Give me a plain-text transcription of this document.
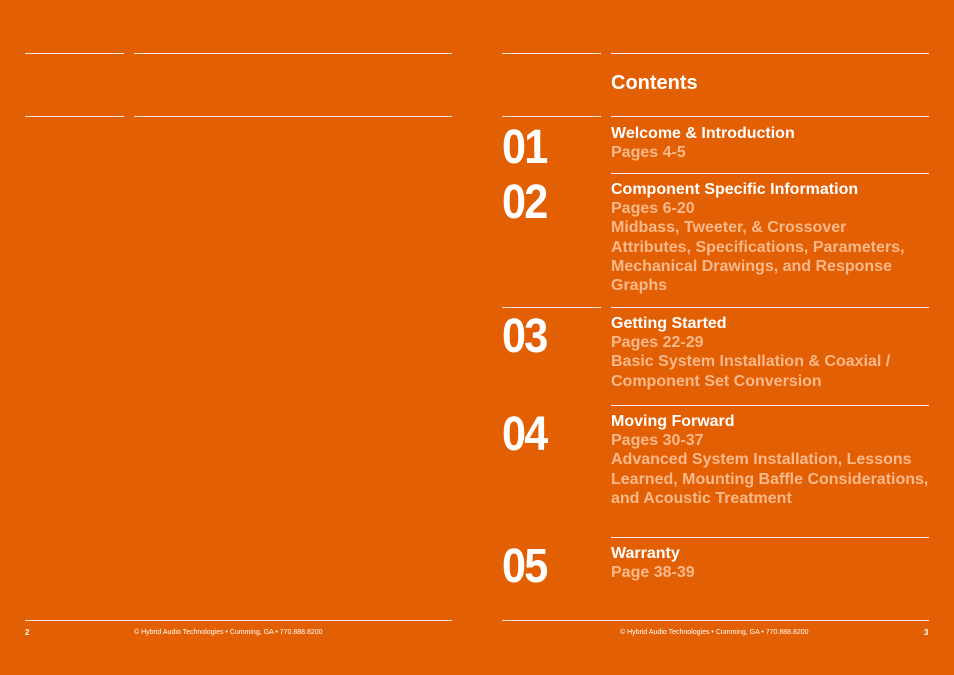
Contents
01	Welcome & Introduction
Pages 4-5
02	Component Specific Information
Pages 6-20
Midbass, Tweeter, & Crossover Attributes, Specifications, Parameters, Mechanical Drawings, and Response Graphs
03	Getting Started
Pages 22-29
Basic System Installation & Coaxial / Component Set Conversion
04	Moving Forward
Pages 30-37
Advanced System Installation, Lessons Learned, Mounting Baffle Considerations, and Acoustic Treatment
05	Warranty
Page 38-39
2	© Hybrid Audio Technologies • Cumming, GA • 770.888.8200	© Hybrid Audio Technologies • Cumming, GA • 770.888.8200	3
